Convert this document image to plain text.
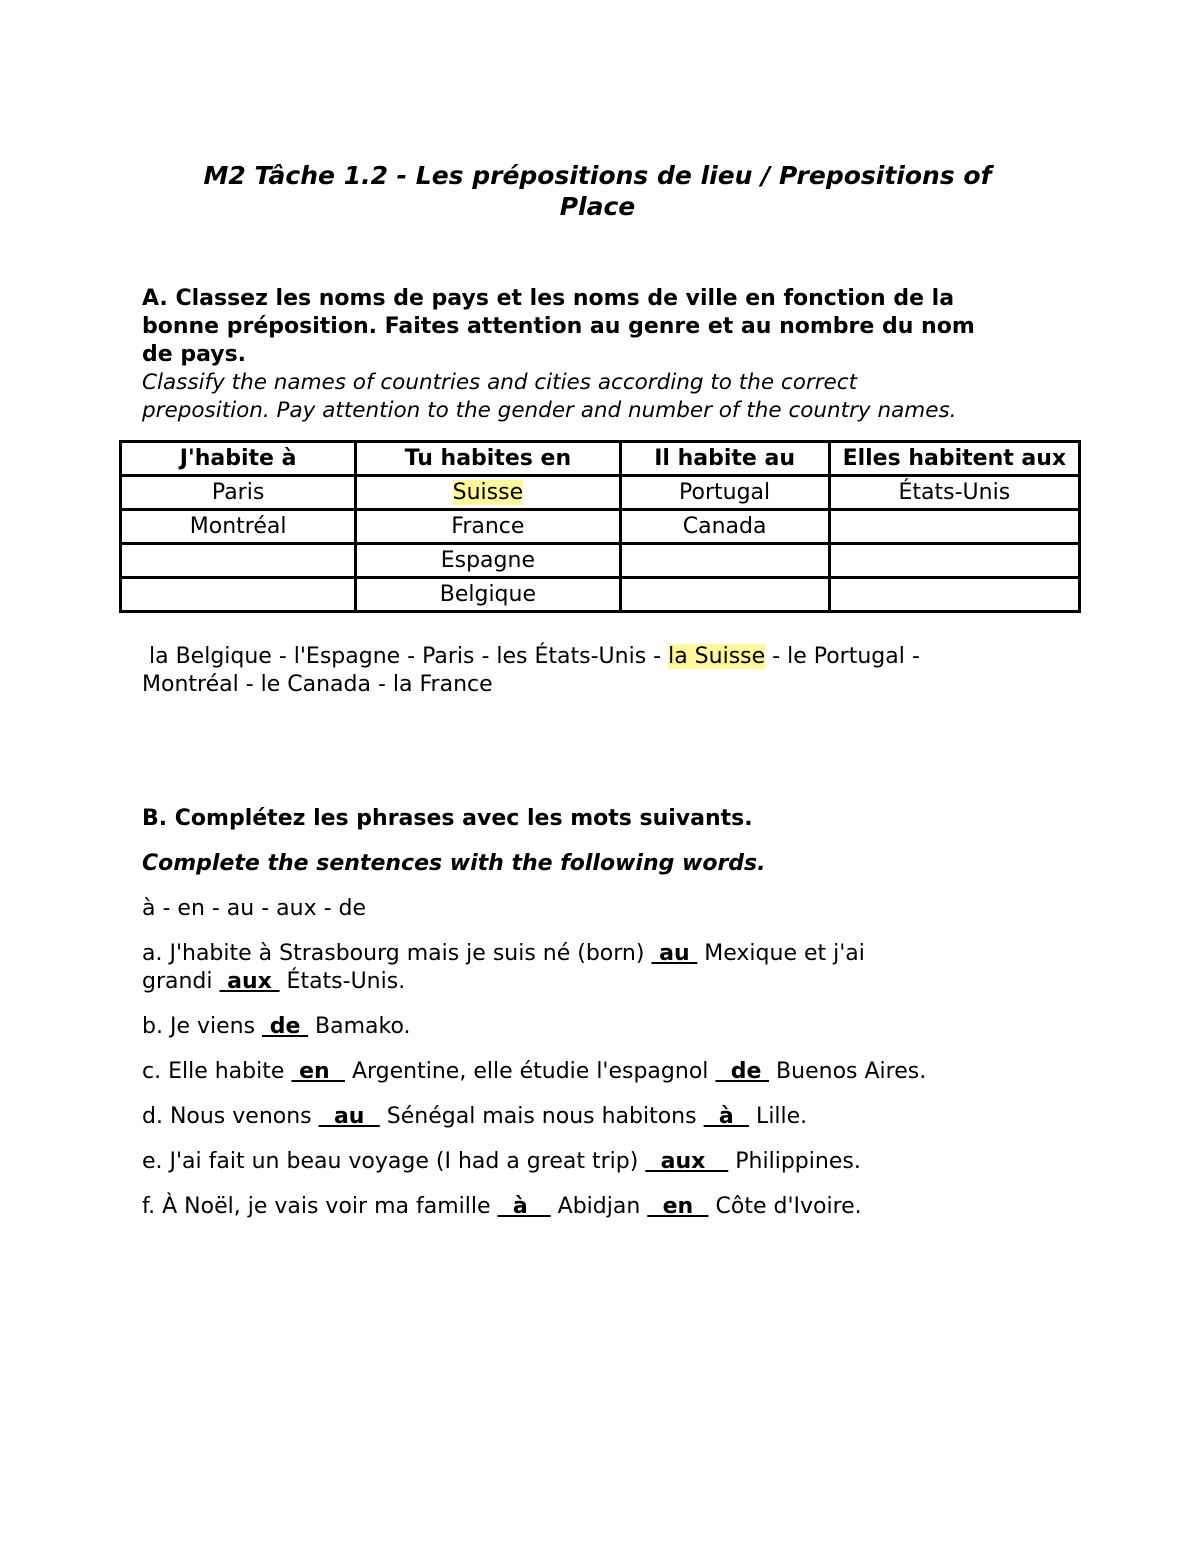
M2 Tâche 1.2 - Les prépositions de lieu / Prepositions of
Place

A. Classez les noms de pays et les noms de ville en fonction de la

bonne préposition. Faites attention au genre et au nombre du nom

de pays.

Classify the names of countries and cities according to the correct

preposition. Pay attention to the gender and number of the country names.

J'habite à	Tu habites en	Il habite au	Elles habitent aux
Paris	Suisse	Portugal	États-Unis
Montréal	France	Canada	
	Espagne		
	Belgique		
la Belgique - l'Espagne - Paris - les États-Unis - la Suisse - le Portugal -
Montréal - le Canada - la France

B. Complétez les phrases avec les mots suivants.

Complete the sentences with the following words.

à - en - au - aux - de

a. J'habite à Strasbourg mais je suis né (born)  au  Mexique et j'ai
grandi  aux  États-Unis.

b. Je viens  de  Bamako.

c. Elle habite  en   Argentine, elle étudie l'espagnol   de  Buenos Aires.

d. Nous venons   au   Sénégal mais nous habitons   à   Lille.

e. J'ai fait un beau voyage (I had a great trip)   aux    Philippines.

f. À Noël, je vais voir ma famille   à    Abidjan   en   Côte d'Ivoire.
